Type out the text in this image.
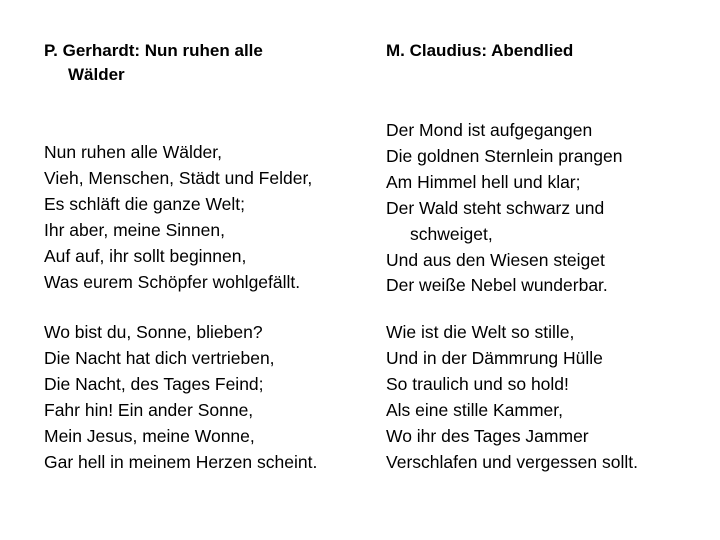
P. Gerhardt: Nun ruhen alle
Wälder

Nun ruhen alle Wälder,
Vieh, Menschen, Städt und Felder,
Es schläft die ganze Welt;
Ihr aber, meine Sinnen,
Auf auf, ihr sollt beginnen,
Was eurem Schöpfer wohlgefällt.

Wo bist du, Sonne, blieben?
Die Nacht hat dich vertrieben,
Die Nacht, des Tages Feind;
Fahr hin! Ein ander Sonne,
Mein Jesus, meine Wonne,
Gar hell in meinem Herzen scheint.

M. Claudius: Abendlied

Der Mond ist aufgegangen
Die goldnen Sternlein prangen
Am Himmel hell und klar;
Der Wald steht schwarz und
schweiget,
Und aus den Wiesen steiget
Der weiße Nebel wunderbar.

Wie ist die Welt so stille,
Und in der Dämmrung Hülle
So traulich und so hold!
Als eine stille Kammer,
Wo ihr des Tages Jammer
Verschlafen und vergessen sollt.
